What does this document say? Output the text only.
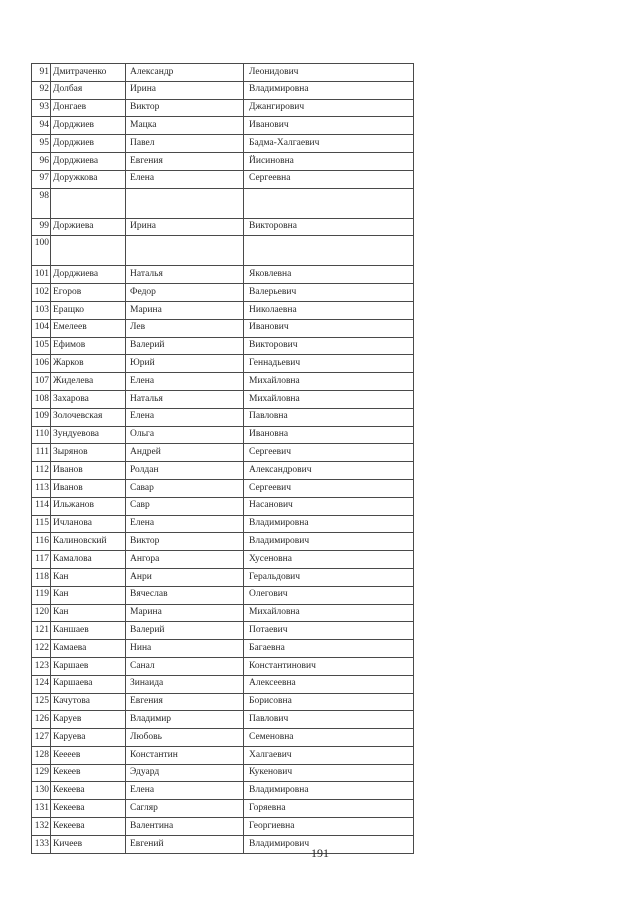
91	Дмитраченко	Александр	Леонидович
92	Долбая	Ирина	Владимировна
93	Донгаев	Виктор	Джангирович
94	Дорджиев	Мацка	Иванович
95	Дорджиев	Павел	Бадма-Халгаевич
96	Дорджиева	Евгения	Йисиновна
97	Доружкова	Елена	Сергеевна
98			
99	Доржиева	Ирина	Викторовна
100			
101	Дорджиева	Наталья	Яковлевна
102	Егоров	Федор	Валерьевич
103	Еращко	Марина	Николаевна
104	Емелеев	Лев	Иванович
105	Ефимов	Валерий	Викторович
106	Жарков	Юрий	Геннадьевич
107	Жиделева	Елена	Михайловна
108	Захарова	Наталья	Михайловна
109	Золочевская	Елена	Павловна
110	Зундуевова	Ольга	Ивановна
111	Зырянов	Андрей	Сергеевич
112	Иванов	Ролдан	Александрович
113	Иванов	Савар	Сергеевич
114	Ильжанов	Савр	Насанович
115	Ичланова	Елена	Владимировна
116	Калиновский	Виктор	Владимирович
117	Камалова	Ангора	Хусеновна
118	Кан	Анри	Геральдович
119	Кан	Вячеслав	Олегович
120	Кан	Марина	Михайловна
121	Каншаев	Валерий	Потаевич
122	Камаева	Нина	Багаевна
123	Каршаев	Санал	Константинович
124	Каршаева	Зинаида	Алексеевна
125	Качутова	Евгения	Борисовна
126	Каруев	Владимир	Павлович
127	Каруева	Любовь	Семеновна
128	Кеееев	Константин	Халгаевич
129	Кекеев	Эдуард	Кукенович
130	Кекеева	Елена	Владимировна
131	Кекеева	Сагляр	Горяевна
132	Кекеева	Валентина	Георгиевна
133	Кичеев	Евгений	Владимирович
191
